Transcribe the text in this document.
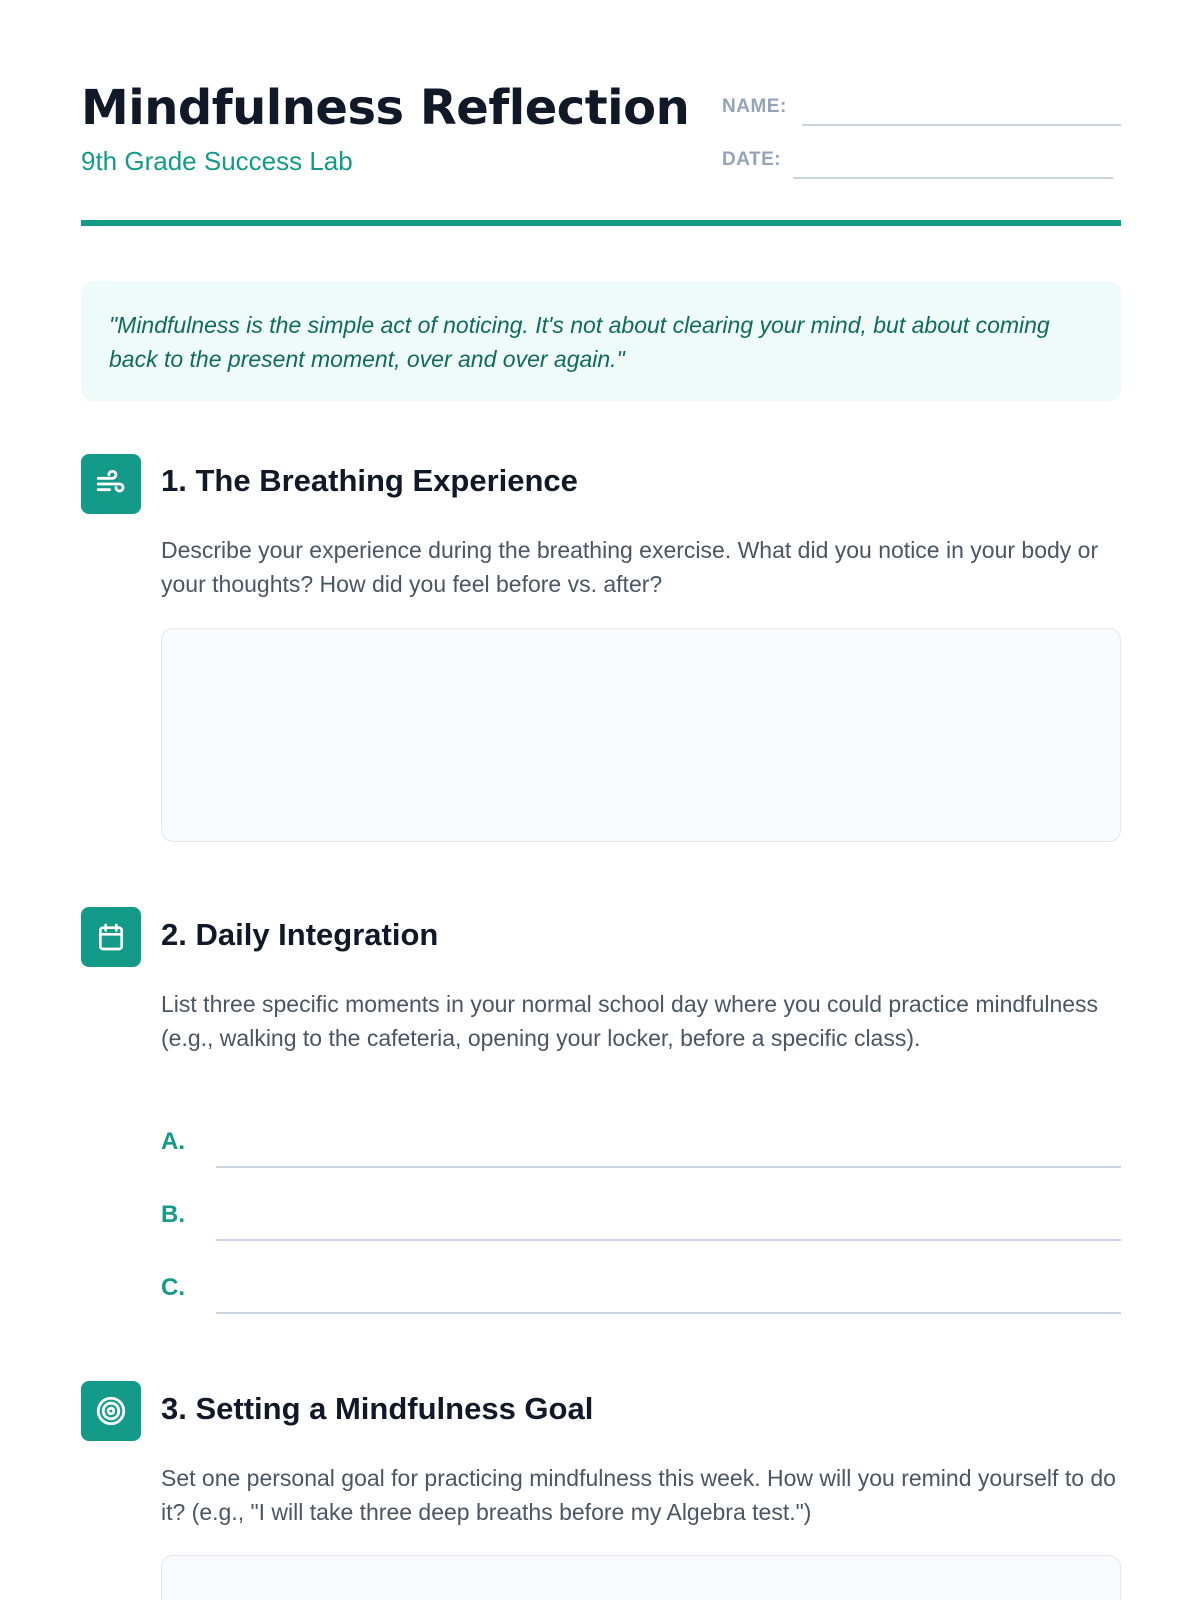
Mindfulness Reflection
9th Grade Success Lab
NAME:
DATE:
"Mindfulness is the simple act of noticing. It's not about clearing your mind, but about coming back to the present moment, over and over again."
1. The Breathing Experience
Describe your experience during the breathing exercise. What did you notice in your body or your thoughts? How did you feel before vs. after?
2. Daily Integration
List three specific moments in your normal school day where you could practice mindfulness (e.g., walking to the cafeteria, opening your locker, before a specific class).
A.
B.
C.
3. Setting a Mindfulness Goal
Set one personal goal for practicing mindfulness this week. How will you remind yourself to do it? (e.g., "I will take three deep breaths before my Algebra test.")
